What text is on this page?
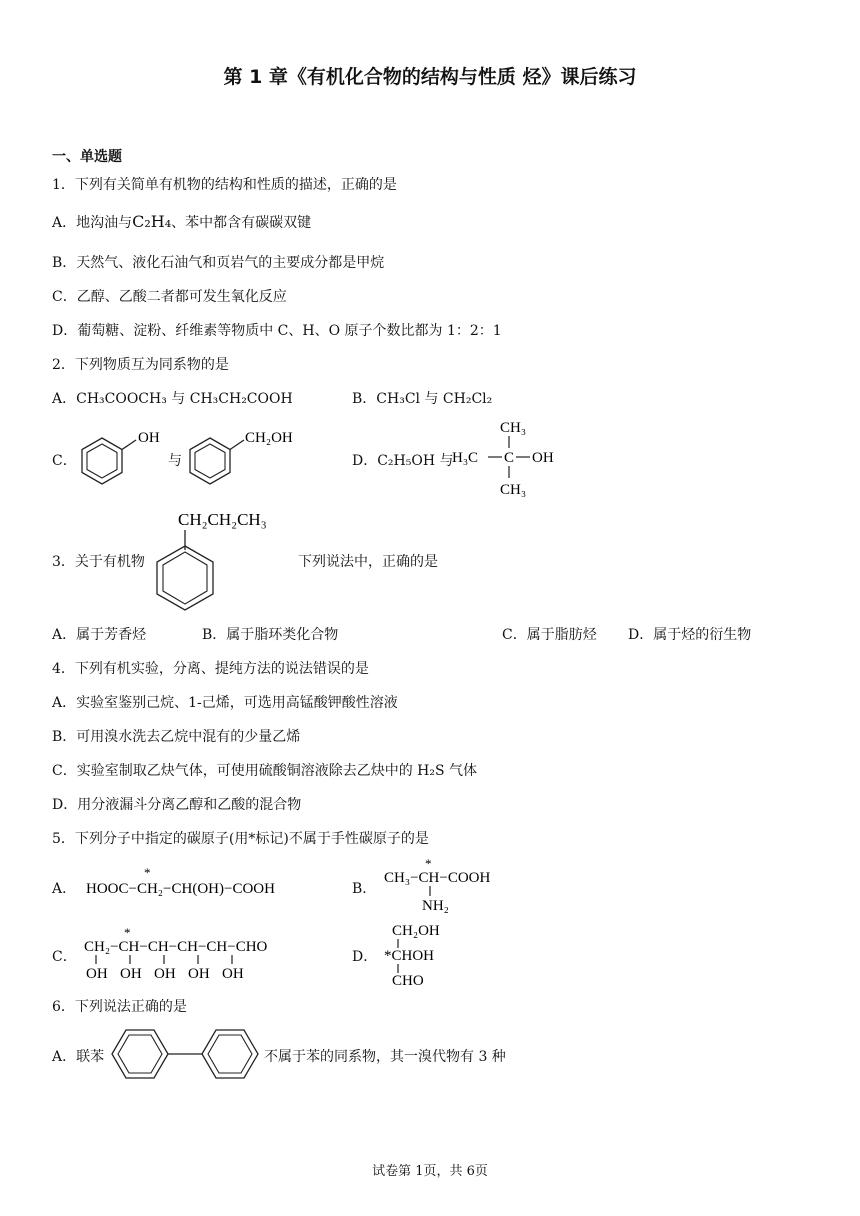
第 1 章《有机化合物的结构与性质 烃》课后练习
一、单选题
1．下列有关简单有机物的结构和性质的描述，正确的是
A．地沟油与C₂H₄、苯中都含有碳碳双键
B．天然气、液化石油气和页岩气的主要成分都是甲烷
C．乙醇、乙酸二者都可发生氧化反应
D．葡萄糖、淀粉、纤维素等物质中 C、H、O 原子个数比都为 1：2：1
2．下列物质互为同系物的是
A．CH₃COOCH₃ 与 CH₃CH₂COOH	B．CH₃Cl 与 CH₂Cl₂
C．
OH
与
CH₂OH
D．C₂H₅OH 与
CH₃
H₃C C OH
CH₃
3．关于有机物
CH₂CH₂CH₃
下列说法中，正确的是
A．属于芳香烃	B．属于脂环类化合物	C．属于脂肪烃 D．属于烃的衍生物
4．下列有机实验，分离、提纯方法的说法错误的是
A．实验室鉴别己烷、1-己烯，可选用高锰酸钾酸性溶液
B．可用溴水洗去乙烷中混有的少量乙烯
C．实验室制取乙炔气体，可使用硫酸铜溶液除去乙炔中的 H₂S 气体
D．用分液漏斗分离乙醇和乙酸的混合物
5．下列分子中指定的碳原子(用*标记)不属于手性碳原子的是
A．
*
HOOC−CH₂−CH(OH)−COOH	B．
*
CH₃−CH−COOH
NH₂
C．
*
CH₂−CH−CH−CH−CH−CHO
OH OH OH OH OH
D．
CH₂OH
*CHOH
CHO
6．下列说法正确的是
A．联苯	不属于苯的同系物，其一溴代物有 3 种
试卷第 1页，共 6页
